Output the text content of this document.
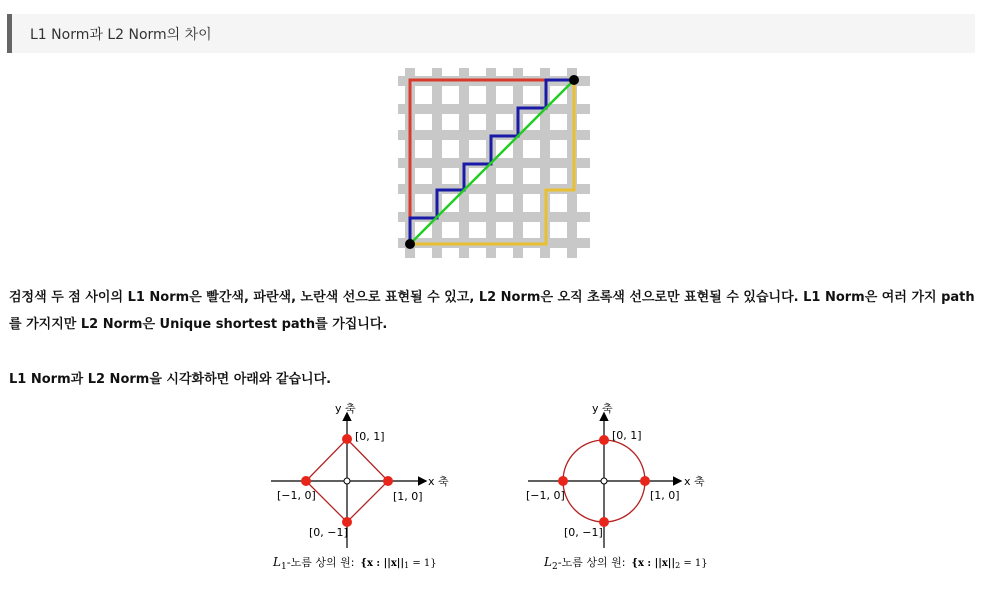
L1 Norm과 L2 Norm의 차이
검정색 두 점 사이의 L1 Norm은 빨간색, 파란색, 노란색 선으로 표현될 수 있고, L2 Norm은 오직 초록색 선으로만 표현될 수 있습니다. L1 Norm은 여러 가지 path를 가지지만 L2 Norm은 Unique shortest path를 가집니다.
L1 Norm과 L2 Norm을 시각화하면 아래와 같습니다.
y 축
x 축
[0, 1]
[−1, 0]	[1, 0]
[0, −1]
$L_1-$노름 상의 원: {x : ||x||1 = 1}
y 축
x 축
[0, 1]
[−1, 0]	[1, 0]
[0, −1]
$L_2-$노름 상의 원: {x : ||x||2 = 1}
